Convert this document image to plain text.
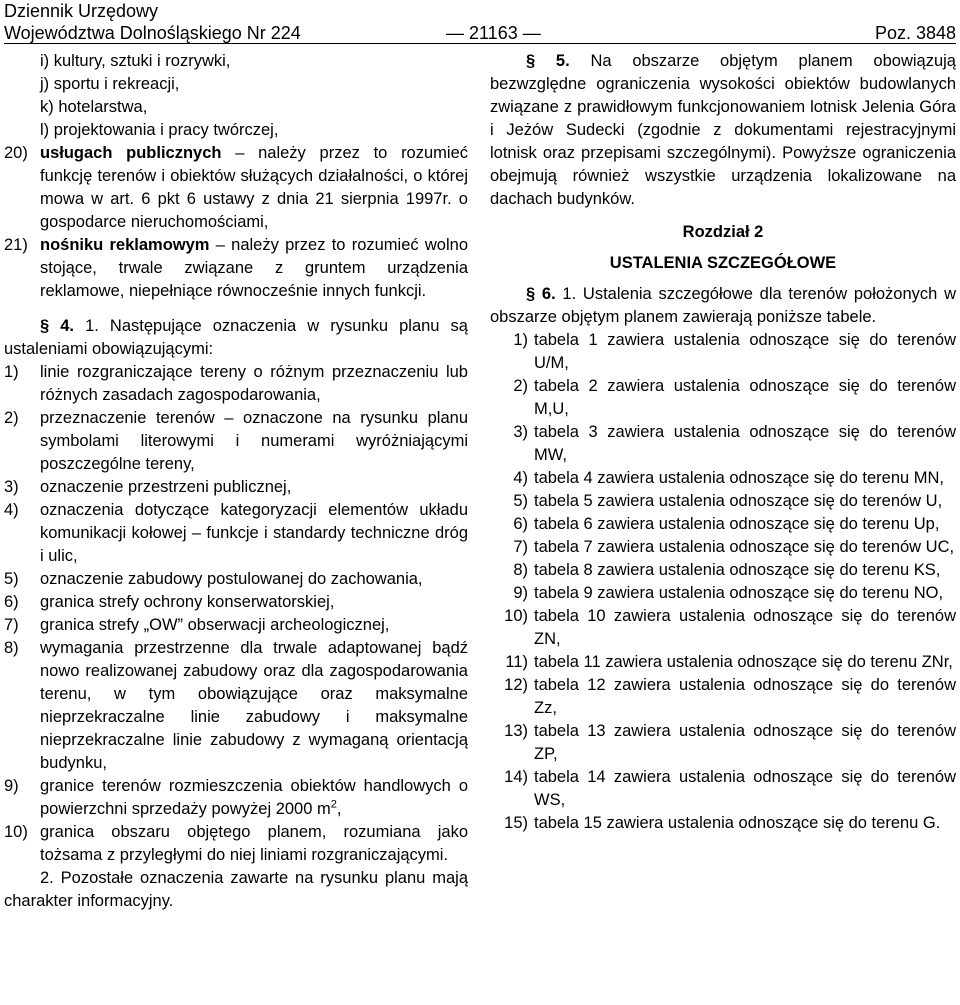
Dziennik Urzędowy
Województwa Dolnośląskiego Nr 224	— 21163 —	Poz. 3848

i) kultury, sztuki i rozrywki,

j) sportu i rekreacji,

k) hotelarstwa,

l) projektowania i pracy twórczej,

20) usługach publicznych – należy przez to rozumieć funkcję terenów i obiektów służących działalności, o której mowa w art. 6 pkt 6 ustawy z dnia 21 sierpnia 1997r. o gospodarce nieruchomościami,

21) nośniku reklamowym – należy przez to rozumieć wolno stojące, trwale związane z gruntem urządzenia reklamowe, niepełniące równocześnie innych funkcji.

§ 4. 1. Następujące oznaczenia w rysunku planu są ustaleniami obowiązującymi:

1) linie rozgraniczające tereny o różnym przeznaczeniu lub różnych zasadach zagospodarowania,

2) przeznaczenie terenów – oznaczone na rysunku planu symbolami literowymi i numerami wyróżniającymi poszczególne tereny,

3) oznaczenie przestrzeni publicznej,

4) oznaczenia dotyczące kategoryzacji elementów układu komunikacji kołowej – funkcje i standardy techniczne dróg i ulic,

5) oznaczenie zabudowy postulowanej do zachowania,

6) granica strefy ochrony konserwatorskiej,

7) granica strefy „OW” obserwacji archeologicznej,

8) wymagania przestrzenne dla trwale adaptowanej bądź nowo realizowanej zabudowy oraz dla zagospodarowania terenu, w tym obowiązujące oraz maksymalne nieprzekraczalne linie zabudowy i maksymalne nieprzekraczalne linie zabudowy z wymaganą orientacją budynku,

9) granice terenów rozmieszczenia obiektów handlowych o powierzchni sprzedaży powyżej 2000 $m^2$,

10) granica obszaru objętego planem, rozumiana jako tożsama z przyległymi do niej liniami rozgraniczającymi.

2. Pozostałe oznaczenia zawarte na rysunku planu mają charakter informacyjny.

§ 5. Na obszarze objętym planem obowiązują bezwzględne ograniczenia wysokości obiektów budowlanych związane z prawidłowym funkcjonowaniem lotnisk Jelenia Góra i Jeżów Sudecki (zgodnie z dokumentami rejestracyjnymi lotnisk oraz przepisami szczególnymi). Powyższe ograniczenia obejmują również wszystkie urządzenia lokalizowane na dachach budynków.

Rozdział 2

USTALENIA SZCZEGÓŁOWE

§ 6. 1. Ustalenia szczegółowe dla terenów położonych w obszarze objętym planem zawierają poniższe tabele.

1) tabela 1 zawiera ustalenia odnoszące się do terenów U/M,

2) tabela 2 zawiera ustalenia odnoszące się do terenów M,U,

3) tabela 3 zawiera ustalenia odnoszące się do terenów MW,

4) tabela 4 zawiera ustalenia odnoszące się do terenu MN,

5) tabela 5 zawiera ustalenia odnoszące się do terenów U,

6) tabela 6 zawiera ustalenia odnoszące się do terenu Up,

7) tabela 7 zawiera ustalenia odnoszące się do terenów UC,

8) tabela 8 zawiera ustalenia odnoszące się do terenu KS,

9) tabela 9 zawiera ustalenia odnoszące się do terenu NO,

10) tabela 10 zawiera ustalenia odnoszące się do terenów ZN,

11) tabela 11 zawiera ustalenia odnoszące się do terenu ZNr,

12) tabela 12 zawiera ustalenia odnoszące się do terenów Zz,

13) tabela 13 zawiera ustalenia odnoszące się do terenów ZP,

14) tabela 14 zawiera ustalenia odnoszące się do terenów WS,

15) tabela 15 zawiera ustalenia odnoszące się do terenu G.
